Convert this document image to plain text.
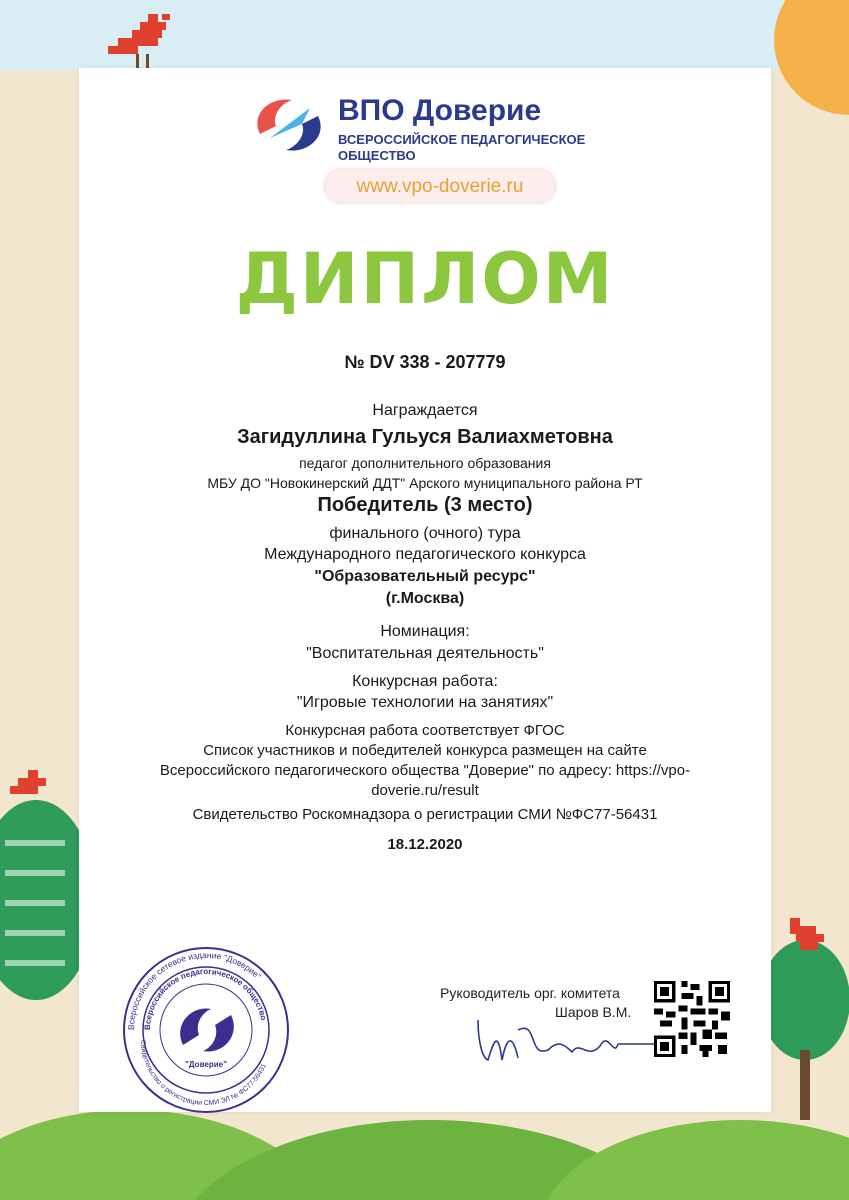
ВПО Доверие
ВСЕРОССИЙСКОЕ ПЕДАГОГИЧЕСКОЕ ОБЩЕСТВО
www.vpo-doverie.ru
ДИПЛОМ
№ DV 338 - 207779
Награждается
Загидуллина Гульуся Валиахметовна
педагог дополнительного образования
МБУ ДО "Новокинерский ДДТ" Арского муниципального района РТ
Победитель (3 место)
финального (очного) тура
Международного педагогического конкурса
"Образовательный ресурс"
(г.Москва)
Номинация:
"Воспитательная деятельность"
Конкурсная работа:
"Игровые технологии на занятиях"
Конкурсная работа соответствует ФГОС
Список участников и победителей конкурса размещен на сайте
Всероссийского педагогического общества "Доверие" по адресу: https://vpo-
doverie.ru/result
Свидетельство Роскомнадзора о регистрации СМИ №ФС77-56431
18.12.2020
Всероссийское сетевое издание "Доверие"
Всероссийское педагогическое общество
Свидетельство о регистрации СМИ ЭЛ № ФС77-56431
"Доверие"
Руководитель орг. комитета
Шаров В.М.
